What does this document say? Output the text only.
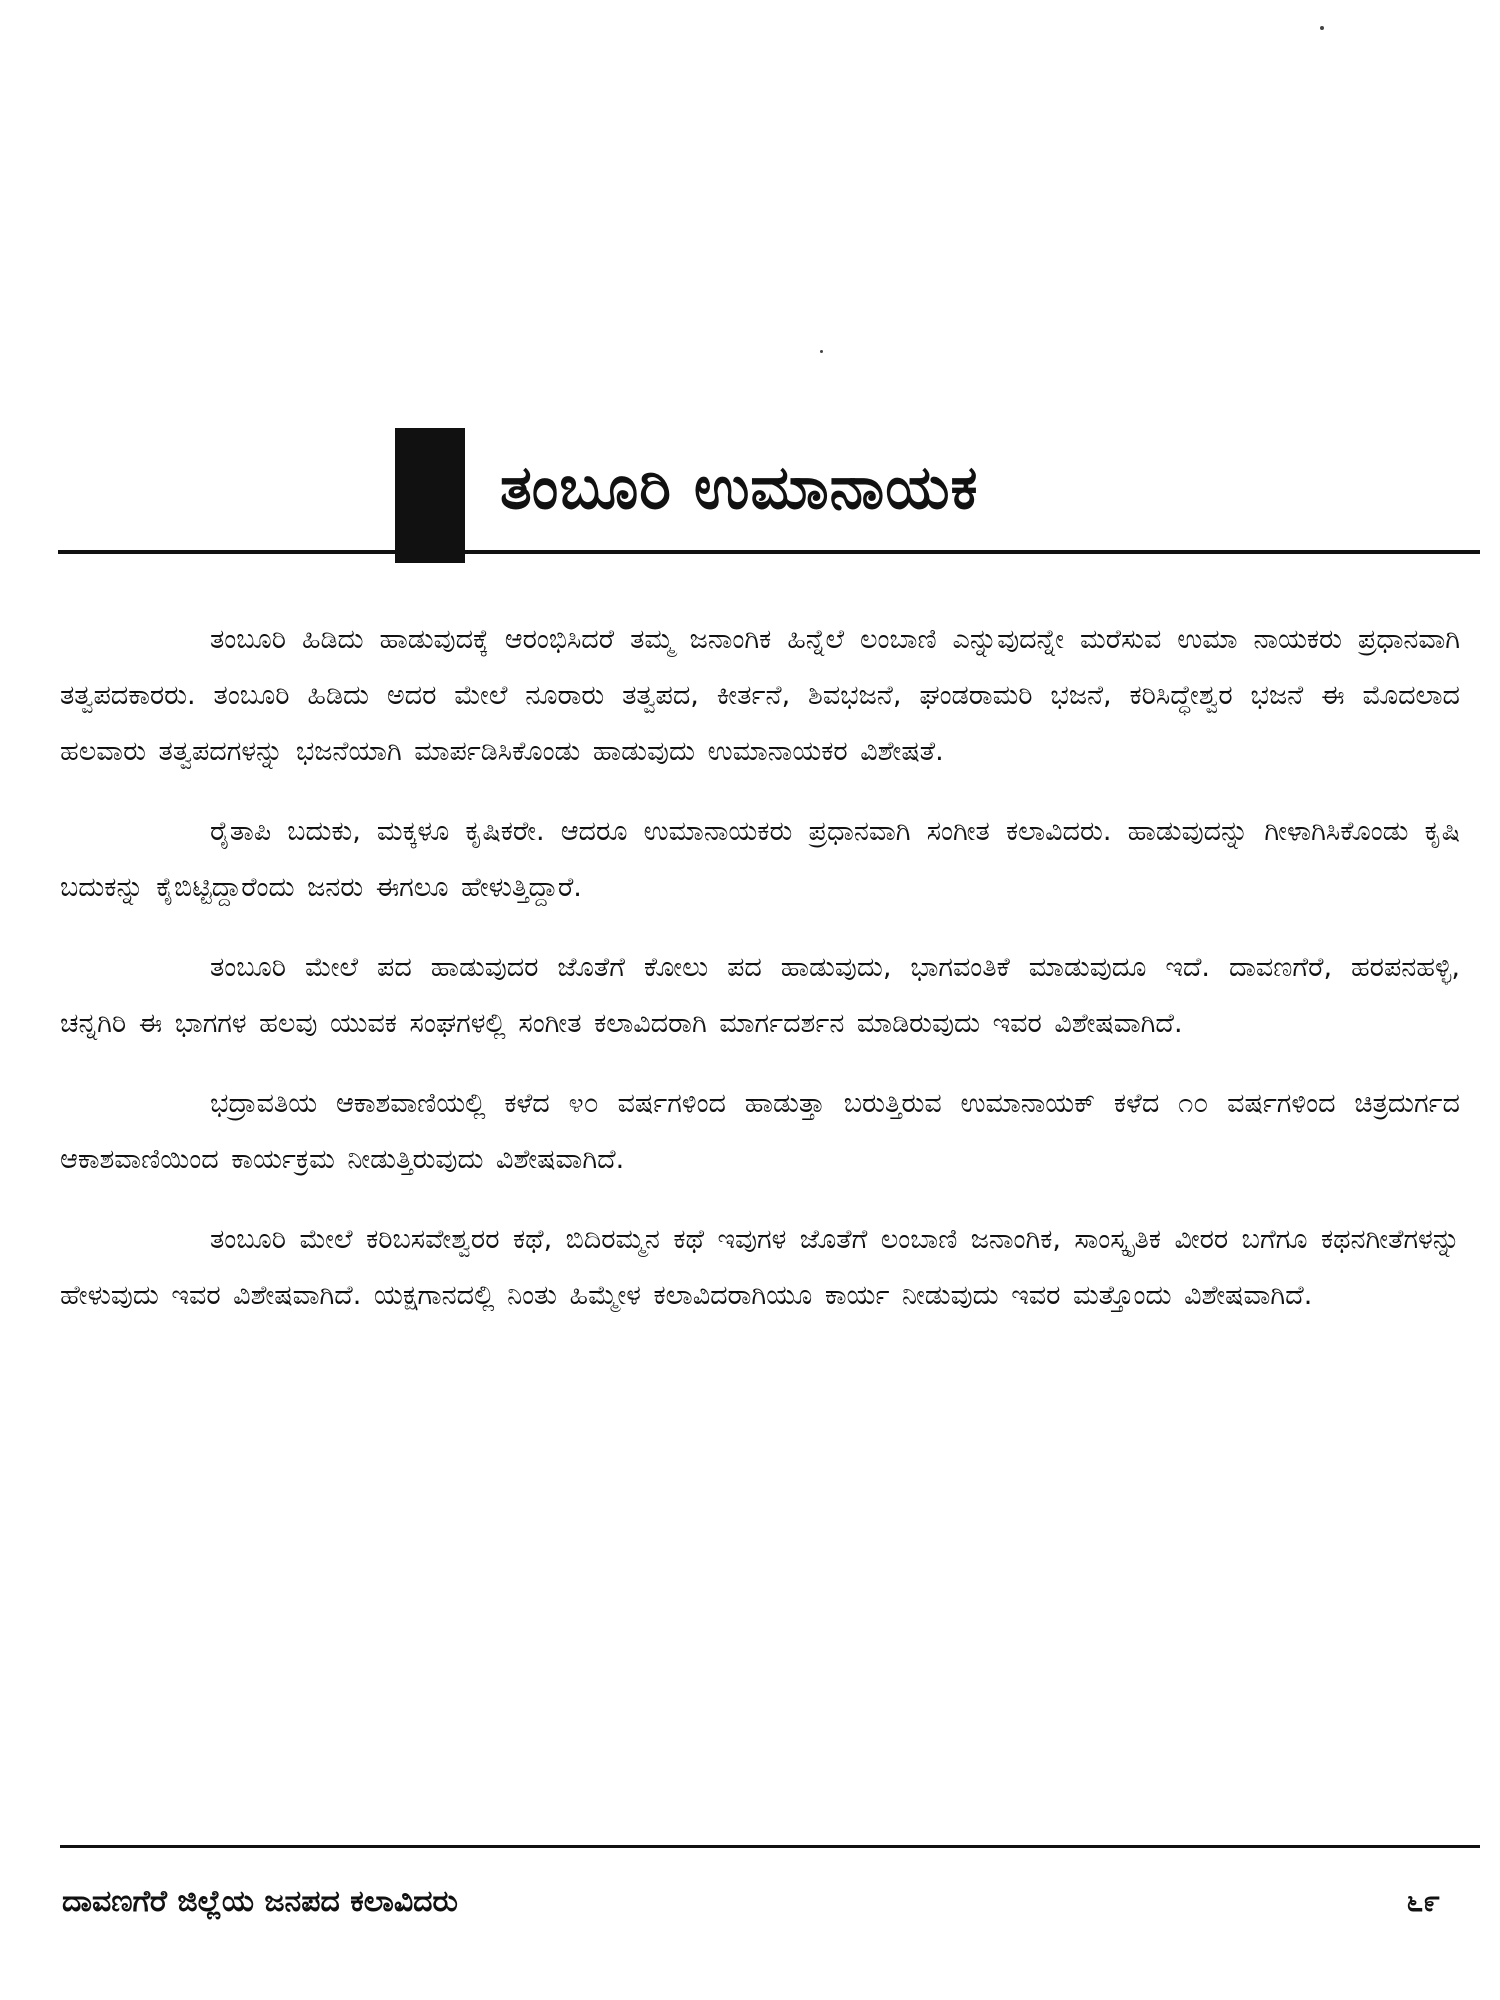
ತಂಬೂರಿ ಉಮಾನಾಯಕ

ತಂಬೂರಿ ಹಿಡಿದು ಹಾಡುವುದಕ್ಕೆ ಆರಂಭಿಸಿದರೆ ತಮ್ಮ ಜನಾಂಗಿಕ ಹಿನ್ನೆಲೆ ಲಂಬಾಣಿ ಎನ್ನುವುದನ್ನೇ ಮರೆಸುವ ಉಮಾ ನಾಯಕರು ಪ್ರಧಾನವಾಗಿ ತತ್ವಪದಕಾರರು. ತಂಬೂರಿ ಹಿಡಿದು ಅದರ ಮೇಲೆ ನೂರಾರು ತತ್ವಪದ, ಕೀರ್ತನೆ, ಶಿವಭಜನೆ, ಘಂಡರಾಮರಿ ಭಜನೆ, ಕರಿಸಿದ್ಧೇಶ್ವರ ಭಜನೆ ಈ ಮೊದಲಾದ ಹಲವಾರು ತತ್ವಪದಗಳನ್ನು ಭಜನೆಯಾಗಿ ಮಾರ್ಪಡಿಸಿಕೊಂಡು ಹಾಡುವುದು ಉಮಾನಾಯಕರ ವಿಶೇಷತೆ.

ರೈತಾಪಿ ಬದುಕು, ಮಕ್ಕಳೂ ಕೃಷಿಕರೇ. ಆದರೂ ಉಮಾನಾಯಕರು ಪ್ರಧಾನವಾಗಿ ಸಂಗೀತ ಕಲಾವಿದರು. ಹಾಡುವುದನ್ನು ಗೀಳಾಗಿಸಿಕೊಂಡು ಕೃಷಿ ಬದುಕನ್ನು ಕೈಬಿಟ್ಟಿದ್ದಾರೆಂದು ಜನರು ಈಗಲೂ ಹೇಳುತ್ತಿದ್ದಾರೆ.

ತಂಬೂರಿ ಮೇಲೆ ಪದ ಹಾಡುವುದರ ಜೊತೆಗೆ ಕೋಲು ಪದ ಹಾಡುವುದು, ಭಾಗವಂತಿಕೆ ಮಾಡುವುದೂ ಇದೆ. ದಾವಣಗೆರೆ, ಹರಪನಹಳ್ಳಿ, ಚನ್ನಗಿರಿ ಈ ಭಾಗಗಳ ಹಲವು ಯುವಕ ಸಂಘಗಳಲ್ಲಿ ಸಂಗೀತ ಕಲಾವಿದರಾಗಿ ಮಾರ್ಗದರ್ಶನ ಮಾಡಿರುವುದು ಇವರ ವಿಶೇಷವಾಗಿದೆ.

ಭದ್ರಾವತಿಯ ಆಕಾಶವಾಣಿಯಲ್ಲಿ ಕಳೆದ ೪೦ ವರ್ಷಗಳಿಂದ ಹಾಡುತ್ತಾ ಬರುತ್ತಿರುವ ಉಮಾನಾಯಕ್ ಕಳೆದ ೧೦ ವರ್ಷಗಳಿಂದ ಚಿತ್ರದುರ್ಗದ ಆಕಾಶವಾಣಿಯಿಂದ ಕಾರ್ಯಕ್ರಮ ನೀಡುತ್ತಿರುವುದು ವಿಶೇಷವಾಗಿದೆ.

ತಂಬೂರಿ ಮೇಲೆ ಕರಿಬಸವೇಶ್ವರರ ಕಥೆ, ಬಿದಿರಮ್ಮನ ಕಥೆ ಇವುಗಳ ಜೊತೆಗೆ ಲಂಬಾಣಿ ಜನಾಂಗಿಕ, ಸಾಂಸ್ಕೃತಿಕ ವೀರರ ಬಗೆಗೂ ಕಥನಗೀತೆಗಳನ್ನು ಹೇಳುವುದು ಇವರ ವಿಶೇಷವಾಗಿದೆ. ಯಕ್ಷಗಾನದಲ್ಲಿ ನಿಂತು ಹಿಮ್ಮೇಳ ಕಲಾವಿದರಾಗಿಯೂ ಕಾರ್ಯ ನೀಡುವುದು ಇವರ ಮತ್ತೊಂದು ವಿಶೇಷವಾಗಿದೆ.

ದಾವಣಗೆರೆ ಜಿಲ್ಲೆಯ ಜನಪದ ಕಲಾವಿದರು	೬೯
